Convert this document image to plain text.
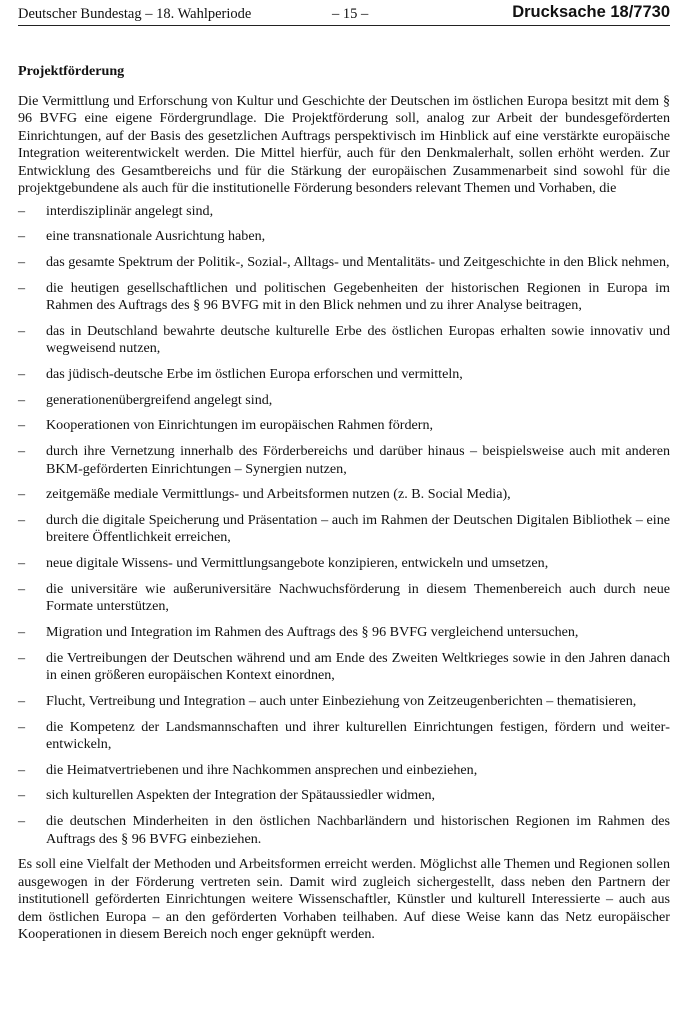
Deutscher Bundestag – 18. Wahlperiode	– 15 –	Drucksache 18/7730

Projektförderung

Die Vermittlung und Erforschung von Kultur und Geschichte der Deutschen im östlichen Europa besitzt mit dem § 96 BVFG eine eigene Fördergrundlage. Die Projektförderung soll, analog zur Arbeit der bundesgeförderten Einrichtungen, auf der Basis des gesetzlichen Auftrags perspektivisch im Hinblick auf eine verstärkte europäische Integration weiterentwickelt werden. Die Mittel hierfür, auch für den Denkmalerhalt, sollen erhöht werden. Zur Entwicklung des Gesamtbereichs und für die Stärkung der europäischen Zusammenarbeit sind sowohl für die projektgebundene als auch für die institutionelle Förderung besonders relevant Themen und Vorhaben, die

– interdisziplinär angelegt sind,
– eine transnationale Ausrichtung haben,
– das gesamte Spektrum der Politik-, Sozial-, Alltags- und Mentalitäts- und Zeitgeschichte in den Blick nehmen,
– die heutigen gesellschaftlichen und politischen Gegebenheiten der historischen Regionen in Europa im Rahmen des Auftrags des § 96 BVFG mit in den Blick nehmen und zu ihrer Analyse beitragen,
– das in Deutschland bewahrte deutsche kulturelle Erbe des östlichen Europas erhalten sowie innovativ und wegweisend nutzen,
– das jüdisch-deutsche Erbe im östlichen Europa erforschen und vermitteln,
– generationenübergreifend angelegt sind,
– Kooperationen von Einrichtungen im europäischen Rahmen fördern,
– durch ihre Vernetzung innerhalb des Förderbereichs und darüber hinaus – beispielsweise auch mit anderen BKM-geförderten Einrichtungen – Synergien nutzen,
– zeitgemäße mediale Vermittlungs- und Arbeitsformen nutzen (z. B. Social Media),
– durch die digitale Speicherung und Präsentation – auch im Rahmen der Deutschen Digitalen Bibliothek – eine breitere Öffentlichkeit erreichen,
– neue digitale Wissens- und Vermittlungsangebote konzipieren, entwickeln und umsetzen,
– die universitäre wie außeruniversitäre Nachwuchsförderung in diesem Themenbereich auch durch neue Formate unterstützen,
– Migration und Integration im Rahmen des Auftrags des § 96 BVFG vergleichend untersuchen,
– die Vertreibungen der Deutschen während und am Ende des Zweiten Weltkrieges sowie in den Jahren danach in einen größeren europäischen Kontext einordnen,
– Flucht, Vertreibung und Integration – auch unter Einbeziehung von Zeitzeugenberichten – thematisieren,
– die Kompetenz der Landsmannschaften und ihrer kulturellen Einrichtungen festigen, fördern und weiterentwickeln,
– die Heimatvertriebenen und ihre Nachkommen ansprechen und einbeziehen,
– sich kulturellen Aspekten der Integration der Spätaussiedler widmen,
– die deutschen Minderheiten in den östlichen Nachbarländern und historischen Regionen im Rahmen des Auftrags des § 96 BVFG einbeziehen.

Es soll eine Vielfalt der Methoden und Arbeitsformen erreicht werden. Möglichst alle Themen und Regionen sollen ausgewogen in der Förderung vertreten sein. Damit wird zugleich sichergestellt, dass neben den Partnern der institutionell geförderten Einrichtungen weitere Wissenschaftler, Künstler und kulturell Interessierte – auch aus dem östlichen Europa – an den geförderten Vorhaben teilhaben. Auf diese Weise kann das Netz europäischer Kooperationen in diesem Bereich noch enger geknüpft werden.
